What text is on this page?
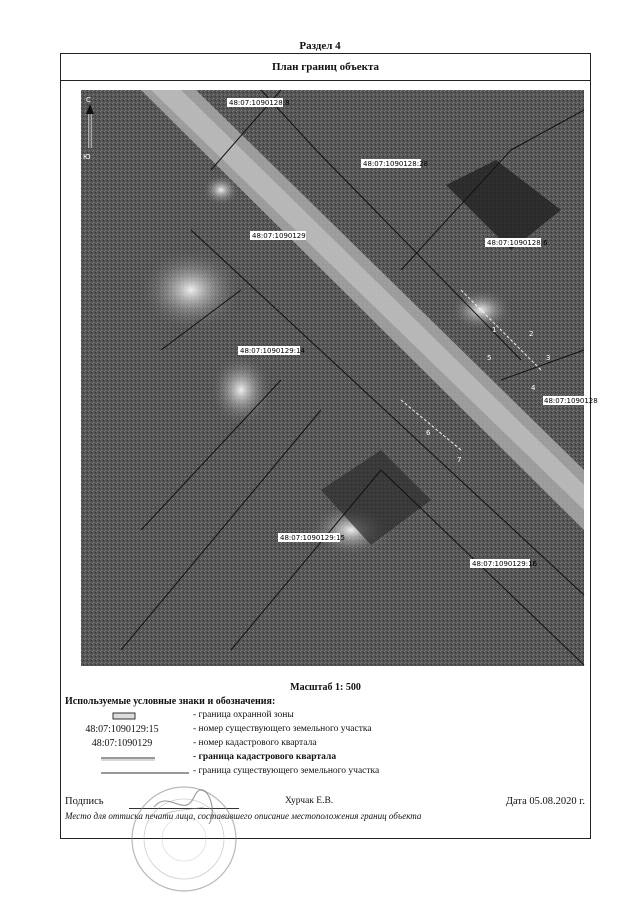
Раздел 4
План границ объекта
С
Ю
48:07:1090128:8
48:07:1090128:28
48:07:1090129
48:07:1090128:6
48:07:1090129:14
48:07:1090128
48:07:1090129:15
48:07:1090129:16
1	2
3
4
5
6
7
Масштаб 1: 500
Используемые условные знаки и обозначения:
- граница охранной зоны
48:07:1090129:15	- номер существующего земельного участка
48:07:1090129	- номер кадастрового квартала
- граница кадастрового квартала
- граница существующего земельного участка
Подпись	Хурчак Е.В.	Дата 05.08.2020 г.
Место для оттиска печати лица, составившего описание местоположения границ объекта
